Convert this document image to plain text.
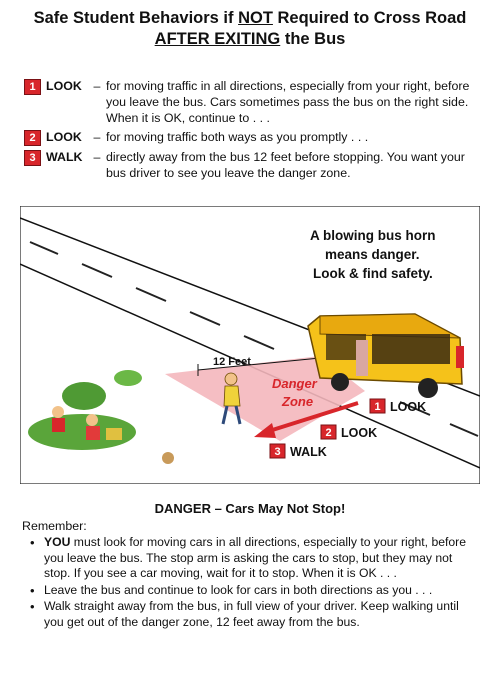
Safe Student Behaviors if NOT Required to Cross Road
AFTER EXITING the Bus
1 LOOK – for moving traffic in all directions, especially from your right, before you leave the bus. Cars sometimes pass the bus on the right side. When it is OK, continue to . . .
2 LOOK – for moving traffic both ways as you promptly . . .
3 WALK – directly away from the bus 12 feet before stopping. You want your bus driver to see you leave the danger zone.
12 Feet
Danger
Zone
A blowing bus horn
means danger.
Look & find safety.
1 LOOK
2 LOOK
3 WALK
DANGER – Cars May Not Stop!
Remember:
• YOU must look for moving cars in all directions, especially to your right, before you leave the bus. The stop arm is asking the cars to stop, but they may not stop. If you see a car moving, wait for it to stop. When it is OK . . .
• Leave the bus and continue to look for cars in both directions as you . . .
• Walk straight away from the bus, in full view of your driver. Keep walking until you get out of the danger zone, 12 feet away from the bus.
